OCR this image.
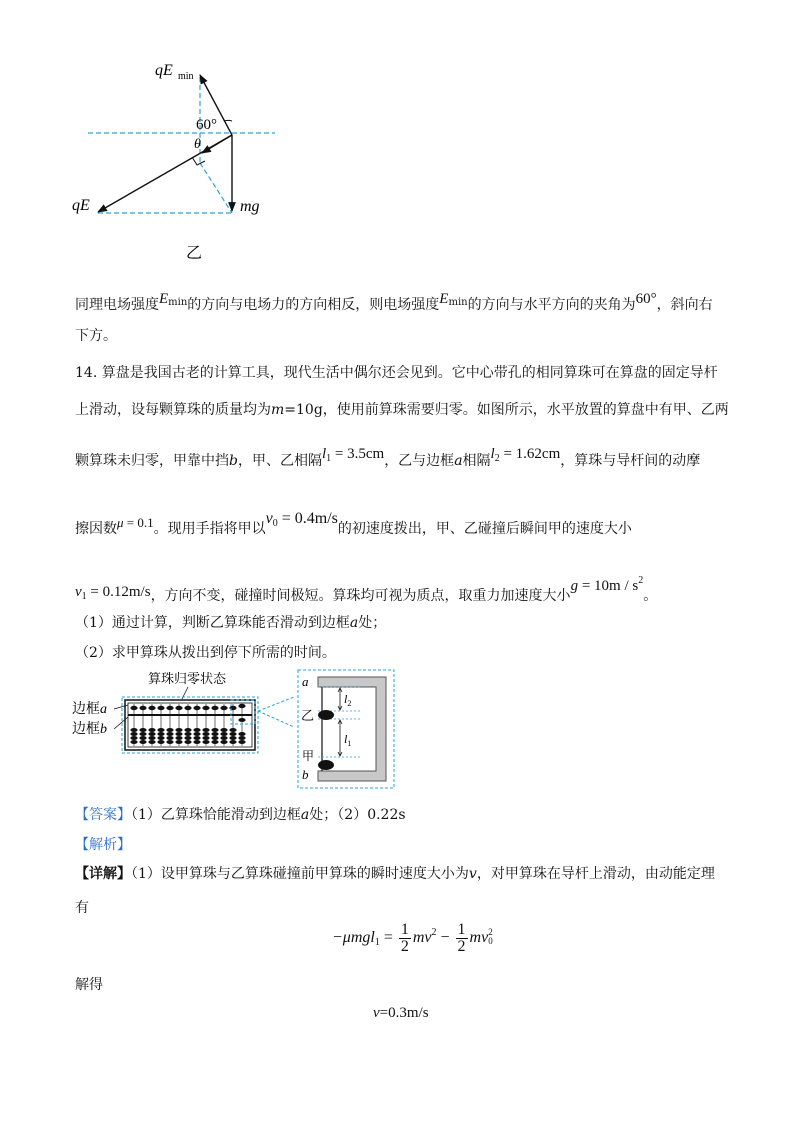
qE min
60°
θ
qE	mg
乙
同理电场强度$E^{min}$的方向与电场力的方向相反，则电场强度$E^{min}$的方向与水平方向的夹角为60°，斜向右
下方。
14. 算盘是我国古老的计算工具，现代生活中偶尔还会见到。它中心带孔的相同算珠可在算盘的固定导杆
上滑动，设每颗算珠的质量均为m=10g，使用前算珠需要归零。如图所示，水平放置的算盘中有甲、乙两
颗算珠未归零，甲靠中挡b，甲、乙相隔$l_1 = 3.5cm$，乙与边框a相隔$l_2 = 1.62cm$，算珠与导杆间的动摩
擦因数μ = 0.1。现用手指将甲以$v_0 = 0.4m/s$的初速度拨出，甲、乙碰撞后瞬间甲的速度大小
$v_1 = 0.12m/s$，方向不变，碰撞时间极短。算珠均可视为质点，取重力加速度大小$g = 10m / s^2$。
（1）通过计算，判断乙算珠能否滑动到边框a处；
（2）求甲算珠从拨出到停下所需的时间。
算珠归零状态
边框a
边框b
$l_2$
$l_1$
a
乙
甲
b
【答案】（1）乙算珠恰能滑动到边框a处；（2）0.22s
【解析】
【详解】（1）设甲算珠与乙算珠碰撞前甲算珠的瞬时速度大小为v，对甲算珠在导杆上滑动，由动能定理
有
$-\mu mgl_1 = \frac{1}{2} mv^2 - \frac{1}{2}$ mv 2
0
解得
v=0.3m/s
